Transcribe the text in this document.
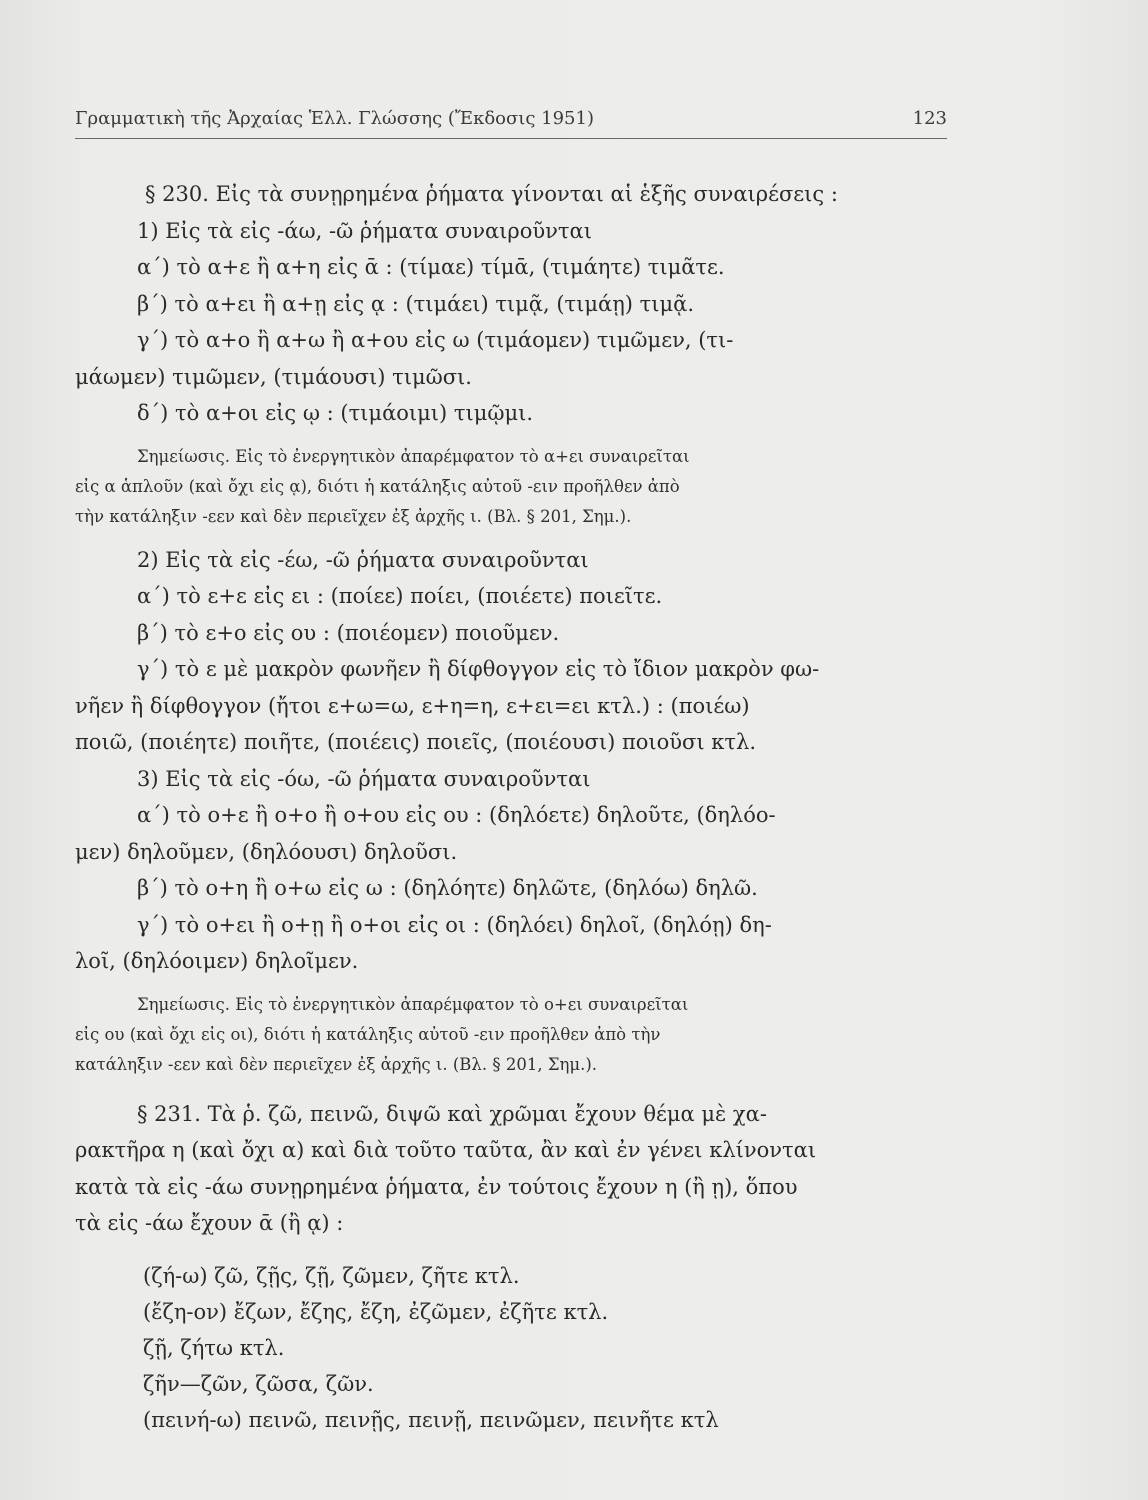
Γραμματικὴ τῆς Ἀρχαίας Ἑλλ. Γλώσσης (Ἔκδοσις 1951)	123
§ 230. Εἰς τὰ συνῃρημένα ῥήματα γίνονται αἱ ἑξῆς συναιρέσεις :
1) Εἰς τὰ εἰς -άω, -ῶ ῥήματα συναιροῦνται
α΄) τὸ α+ε ἢ α+η εἰς ᾱ : (τίμαε) τίμᾱ, (τιμάητε) τιμᾶτε.
β΄) τὸ α+ει ἢ α+ῃ εἰς ᾳ : (τιμάει) τιμᾷ, (τιμάῃ) τιμᾷ.
γ΄) τὸ α+ο ἢ α+ω ἢ α+ου εἰς ω (τιμάομεν) τιμῶμεν, (τι-
μάωμεν) τιμῶμεν, (τιμάουσι) τιμῶσι.
δ΄) τὸ α+οι εἰς ῳ : (τιμάοιμι) τιμῷμι.
Σημείωσις. Εἰς τὸ ἐνεργητικὸν ἀπαρέμφατον τὸ α+ει συναιρεῖται
εἰς α ἁπλοῦν (καὶ ὄχι εἰς ᾳ), διότι ἡ κατάληξις αὐτοῦ -ειν προῆλθεν ἀπὸ
τὴν κατάληξιν -εεν καὶ δὲν περιεῖχεν ἐξ ἀρχῆς ι. (Βλ. § 201, Σημ.).
2) Εἰς τὰ εἰς -έω, -ῶ ῥήματα συναιροῦνται
α΄) τὸ ε+ε εἰς ει : (ποίεε) ποίει, (ποιέετε) ποιεῖτε.
β΄) τὸ ε+ο εἰς ου : (ποιέομεν) ποιοῦμεν.
γ΄) τὸ ε μὲ μακρὸν φωνῆεν ἢ δίφθογγον εἰς τὸ ἴδιον μακρὸν φω-
νῆεν ἢ δίφθογγον (ἤτοι ε+ω=ω, ε+η=η, ε+ει=ει κτλ.) : (ποιέω)
ποιῶ, (ποιέητε) ποιῆτε, (ποιέεις) ποιεῖς, (ποιέουσι) ποιοῦσι κτλ.
3) Εἰς τὰ εἰς -όω, -ῶ ῥήματα συναιροῦνται
α΄) τὸ ο+ε ἢ ο+ο ἢ ο+ου εἰς ου : (δηλόετε) δηλοῦτε, (δηλόο-
μεν) δηλοῦμεν, (δηλόουσι) δηλοῦσι.
β΄) τὸ ο+η ἢ ο+ω εἰς ω : (δηλόητε) δηλῶτε, (δηλόω) δηλῶ.
γ΄) τὸ ο+ει ἢ ο+ῃ ἢ ο+οι εἰς οι : (δηλόει) δηλοῖ, (δηλόῃ) δη-
λοῖ, (δηλόοιμεν) δηλοῖμεν.
Σημείωσις. Εἰς τὸ ἐνεργητικὸν ἀπαρέμφατον τὸ ο+ει συναιρεῖται
εἰς ου (καὶ ὄχι εἰς οι), διότι ἡ κατάληξις αὐτοῦ -ειν προῆλθεν ἀπὸ τὴν
κατάληξιν -εεν καὶ δὲν περιεῖχεν ἐξ ἀρχῆς ι. (Βλ. § 201, Σημ.).
§ 231. Τὰ ῥ. ζῶ, πεινῶ, διψῶ καὶ χρῶμαι ἔχουν θέμα μὲ χα-
ρακτῆρα η (καὶ ὄχι α) καὶ διὰ τοῦτο ταῦτα, ἂν καὶ ἐν γένει κλίνονται
κατὰ τὰ εἰς -άω συνῃρημένα ῥήματα, ἐν τούτοις ἔχουν η (ἢ ῃ), ὅπου
τὰ εἰς -άω ἔχουν ᾱ (ἢ ᾳ) :
(ζή-ω) ζῶ, ζῇς, ζῇ, ζῶμεν, ζῆτε κτλ.
(ἔζη-ον) ἔζων, ἔζης, ἔζη, ἐζῶμεν, ἐζῆτε κτλ.
ζῇ, ζήτω κτλ.
ζῆν—ζῶν, ζῶσα, ζῶν.
(πεινή-ω) πεινῶ, πεινῇς, πεινῇ, πεινῶμεν, πεινῆτε κτλ
